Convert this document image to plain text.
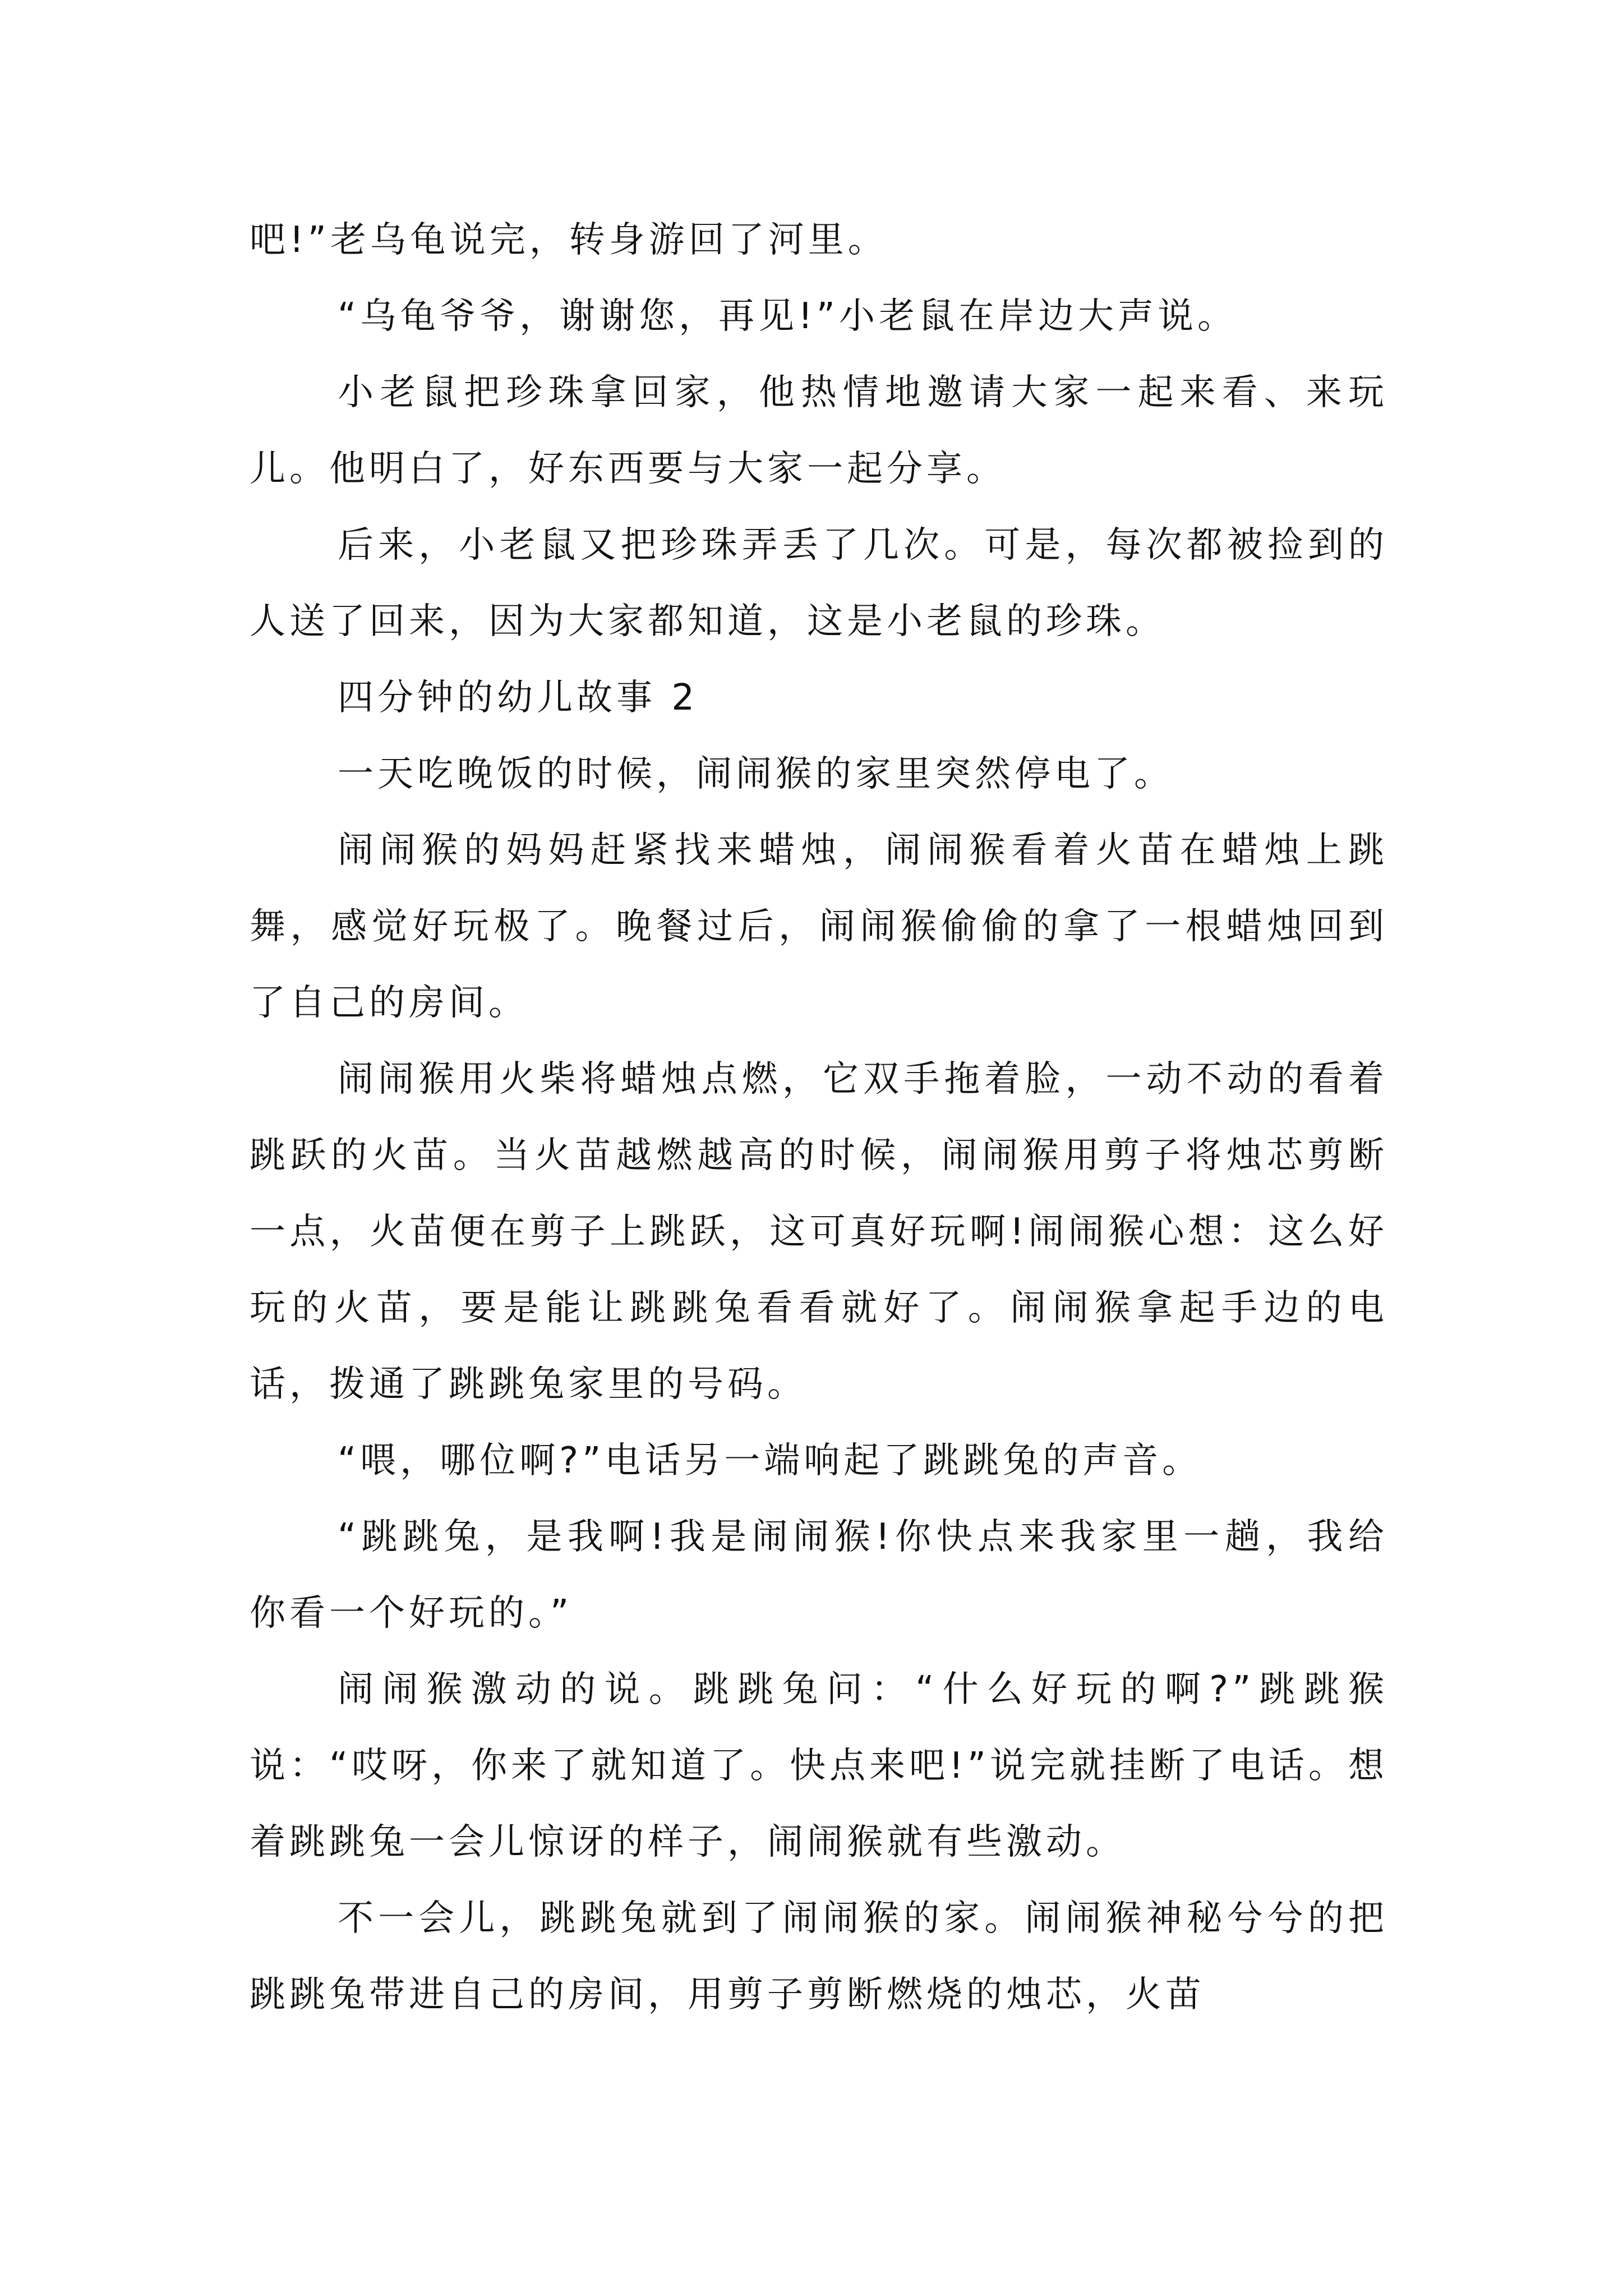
吧!”老乌龟说完，转身游回了河里。

“乌龟爷爷，谢谢您，再见!”小老鼠在岸边大声说。

小老鼠把珍珠拿回家，他热情地邀请大家一起来看、来玩儿。他明白了，好东西要与大家一起分享。

后来，小老鼠又把珍珠弄丢了几次。可是，每次都被捡到的人送了回来，因为大家都知道，这是小老鼠的珍珠。

四分钟的幼儿故事 2

一天吃晚饭的时候，闹闹猴的家里突然停电了。

闹闹猴的妈妈赶紧找来蜡烛，闹闹猴看着火苗在蜡烛上跳舞，感觉好玩极了。晚餐过后，闹闹猴偷偷的拿了一根蜡烛回到了自己的房间。

闹闹猴用火柴将蜡烛点燃，它双手拖着脸，一动不动的看着跳跃的火苗。当火苗越燃越高的时候，闹闹猴用剪子将烛芯剪断一点，火苗便在剪子上跳跃，这可真好玩啊!闹闹猴心想：这么好玩的火苗，要是能让跳跳兔看看就好了。闹闹猴拿起手边的电话，拨通了跳跳兔家里的号码。

“喂，哪位啊?”电话另一端响起了跳跳兔的声音。

“跳跳兔，是我啊!我是闹闹猴!你快点来我家里一趟，我给你看一个好玩的。”

闹闹猴激动的说。跳跳兔问：“什么好玩的啊?”跳跳猴说：“哎呀，你来了就知道了。快点来吧!”说完就挂断了电话。想着跳跳兔一会儿惊讶的样子，闹闹猴就有些激动。

不一会儿，跳跳兔就到了闹闹猴的家。闹闹猴神秘兮兮的把跳跳兔带进自己的房间，用剪子剪断燃烧的烛芯，火苗
